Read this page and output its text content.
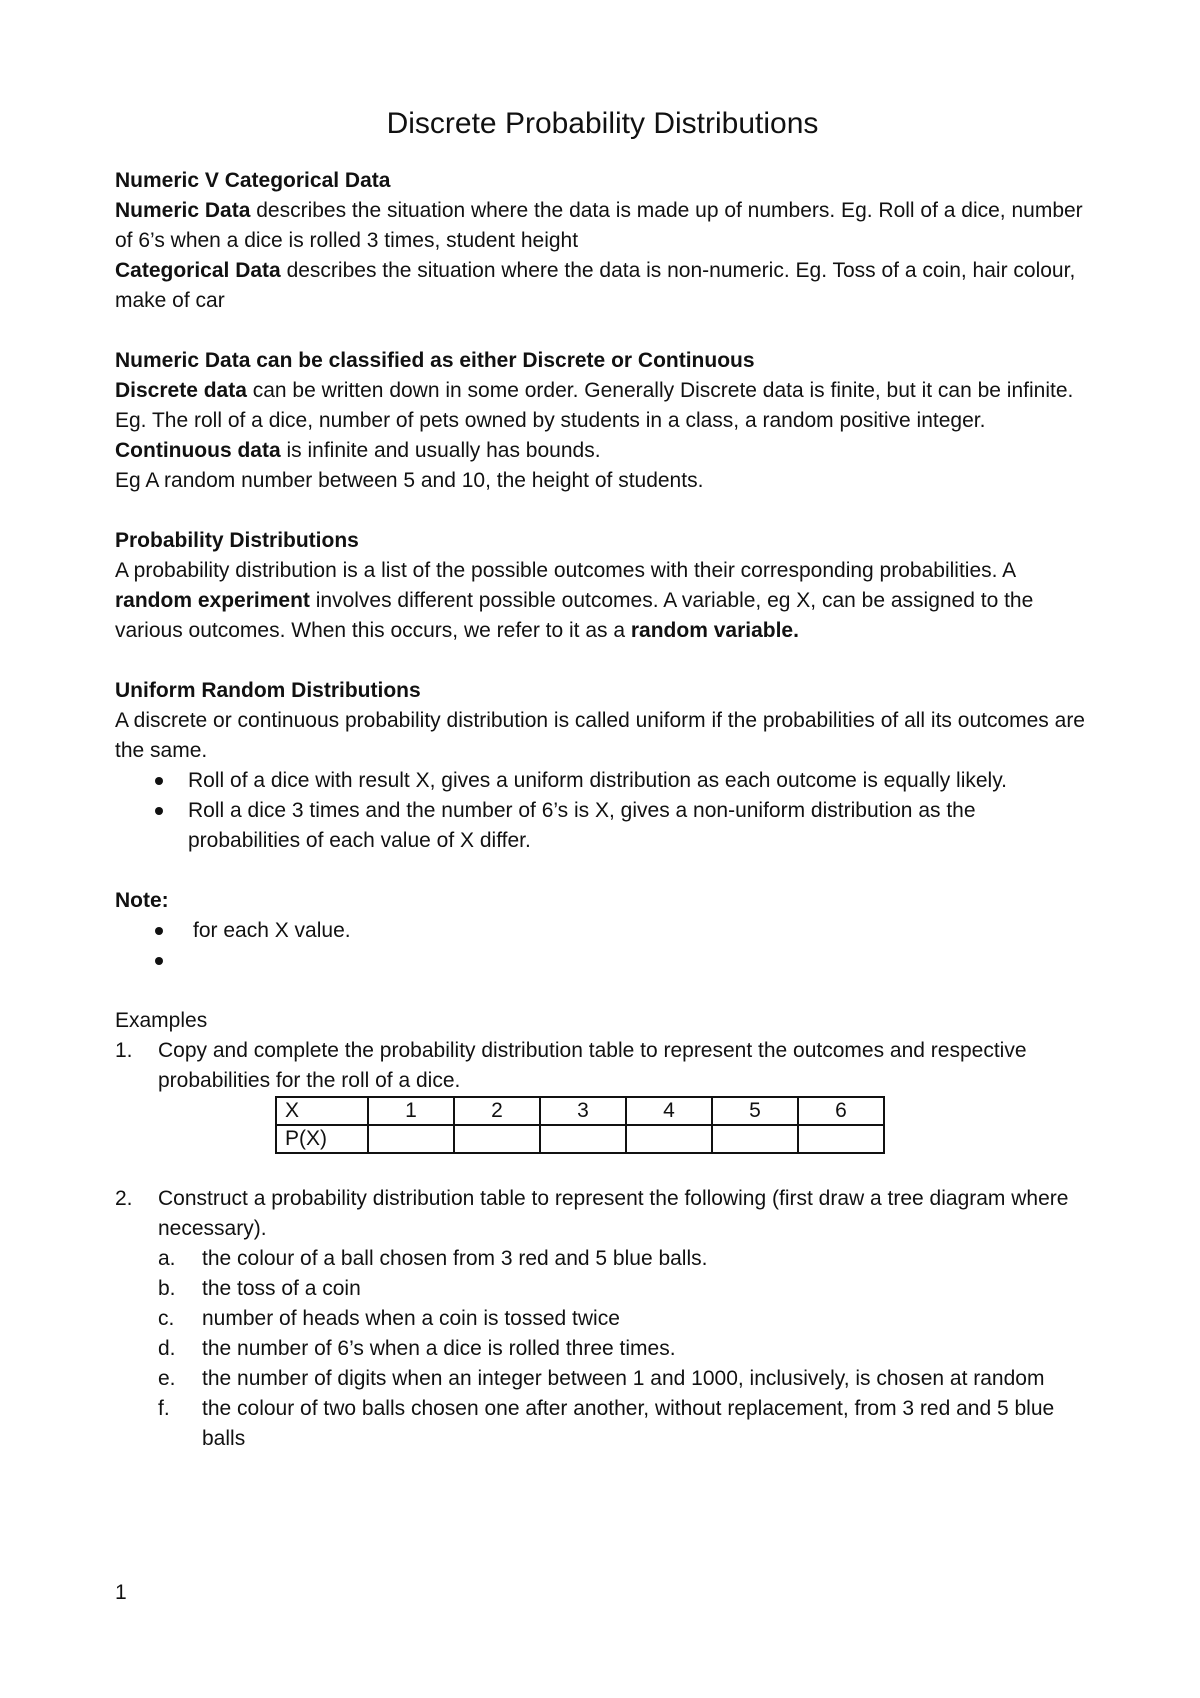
Discrete Probability Distributions

Numeric V Categorical Data

Numeric Data describes the situation where the data is made up of numbers. Eg. Roll of a dice, number of 6’s when a dice is rolled 3 times, student height

Categorical Data describes the situation where the data is non-numeric. Eg. Toss of a coin, hair colour, make of car

Numeric Data can be classified as either Discrete or Continuous

Discrete data can be written down in some order. Generally Discrete data is finite, but it can be infinite. Eg. The roll of a dice, number of pets owned by students in a class, a random positive integer.

Continuous data is infinite and usually has bounds.

Eg A random number between 5 and 10, the height of students.

Probability Distributions

A probability distribution is a list of the possible outcomes with their corresponding probabilities. A random experiment involves different possible outcomes. A variable, eg X, can be assigned to the various outcomes. When this occurs, we refer to it as a random variable.

Uniform Random Distributions

A discrete or continuous probability distribution is called uniform if the probabilities of all its outcomes are the same.

Roll of a dice with result X, gives a uniform distribution as each outcome is equally likely.
Roll a dice 3 times and the number of 6’s is X, gives a non-uniform distribution as the probabilities of each value of X differ.

Note:

for each X value.

Examples

1. Copy and complete the probability distribution table to represent the outcomes and respective probabilities for the roll of a dice.
X	1	2	3	4	5	6
P(X)						
2. Construct a probability distribution table to represent the following (first draw a tree diagram where necessary).
a. the colour of a ball chosen from 3 red and 5 blue balls.
b. the toss of a coin
c. number of heads when a coin is tossed twice
d. the number of 6’s when a dice is rolled three times.
e. the number of digits when an integer between 1 and 1000, inclusively, is chosen at random
f. the colour of two balls chosen one after another, without replacement, from 3 red and 5 blue balls
1
